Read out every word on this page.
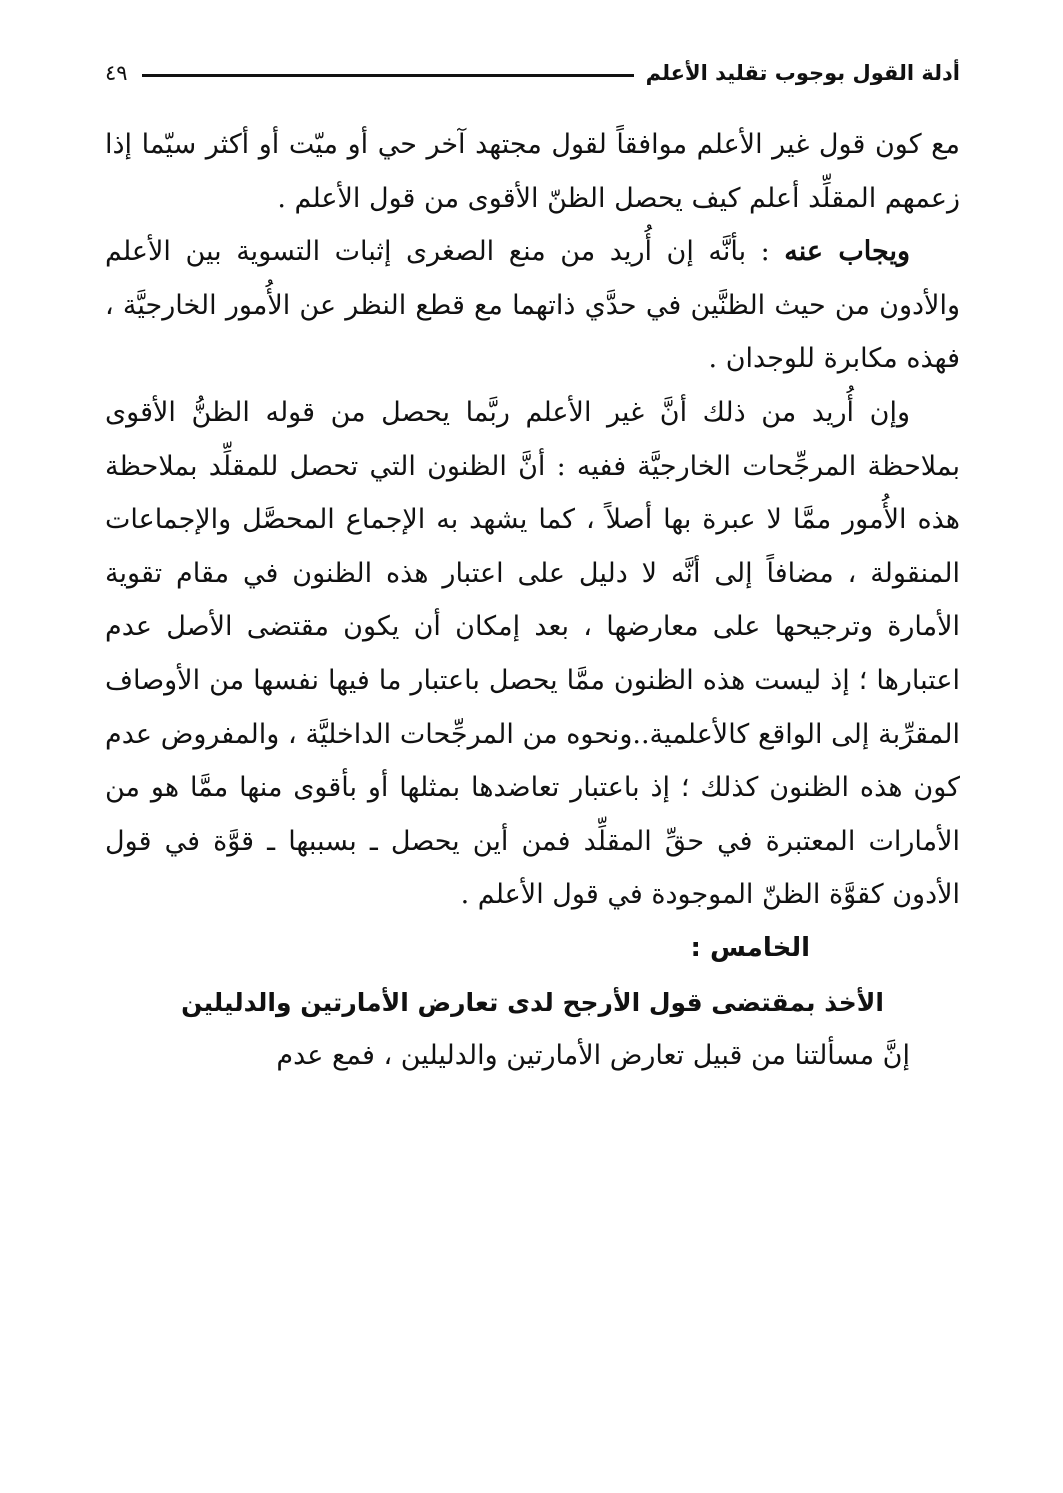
أدلة القول بوجوب تقليد الأعلم
٤٩

مع كون قول غير الأعلم موافقاً لقول مجتهد آخر حي أو ميّت أو أكثر سيّما إذا زعمهم المقلِّد أعلم كيف يحصل الظنّ الأقوى من قول الأعلم .

ويجاب عنه : بأنَّه إن أُريد من منع الصغرى إثبات التسوية بين الأعلم والأدون من حيث الظنَّين في حدَّي ذاتهما مع قطع النظر عن الأُمور الخارجيَّة ، فهذه مكابرة للوجدان .

وإن أُريد من ذلك أنَّ غير الأعلم ربَّما يحصل من قوله الظنُّ الأقوى بملاحظة المرجِّحات الخارجيَّة ففيه : أنَّ الظنون التي تحصل للمقلِّد بملاحظة هذه الأُمور ممَّا لا عبرة بها أصلاً ، كما يشهد به الإجماع المحصَّل والإجماعات المنقولة ، مضافاً إلى أنَّه لا دليل على اعتبار هذه الظنون في مقام تقوية الأمارة وترجيحها على معارضها ، بعد إمكان أن يكون مقتضى الأصل عدم اعتبارها ؛ إذ ليست هذه الظنون ممَّا يحصل باعتبار ما فيها نفسها من الأوصاف المقرِّبة إلى الواقع كالأعلمية..ونحوه من المرجِّحات الداخليَّة ، والمفروض عدم كون هذه الظنون كذلك ؛ إذ باعتبار تعاضدها بمثلها أو بأقوى منها ممَّا هو من الأمارات المعتبرة في حقِّ المقلِّد فمن أين يحصل ـ بسببها ـ قوَّة في قول الأدون كقوَّة الظنّ الموجودة في قول الأعلم .

الخامس :

الأخذ بمقتضى قول الأرجح لدى تعارض الأمارتين والدليلين

إنَّ مسألتنا من قبيل تعارض الأمارتين والدليلين ، فمع عدم
